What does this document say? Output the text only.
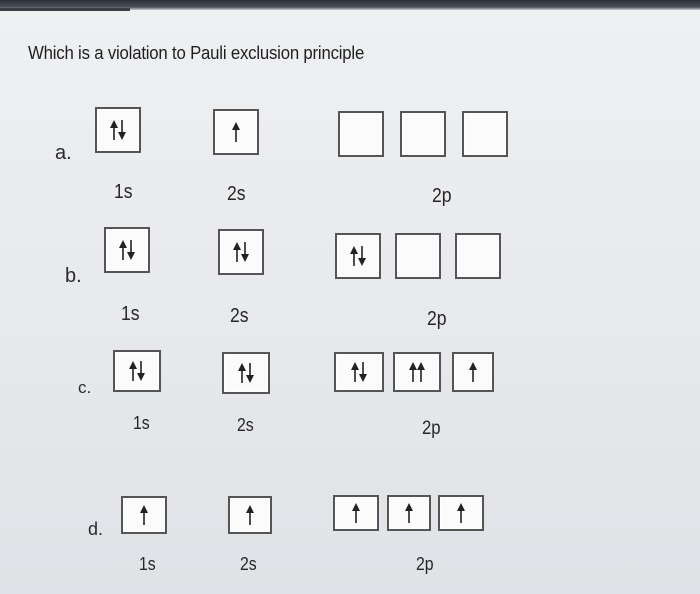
Which is a violation to Pauli exclusion principle
a.
1s	2s	2p
b.
1s	2s	2p
c.
1s	2s	2p
d.
1s	2s	2p
